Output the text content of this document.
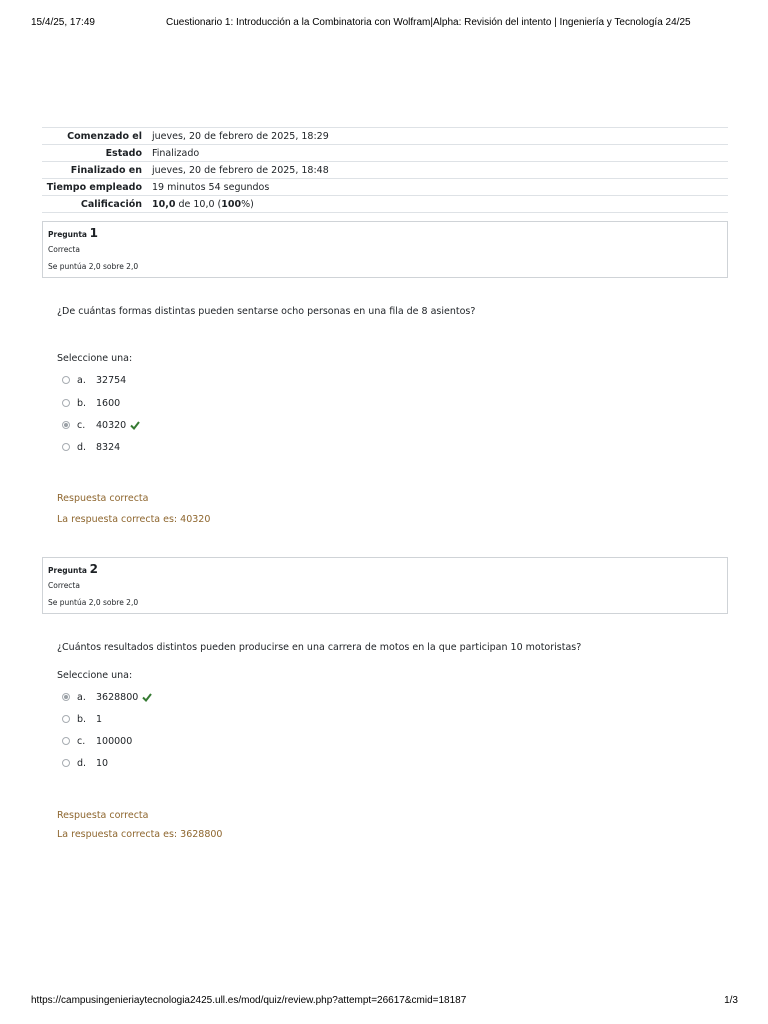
15/4/25, 17:49	Cuestionario 1: Introducción a la Combinatoria con Wolfram|Alpha: Revisión del intento | Ingeniería y Tecnología 24/25
Comenzado el	jueves, 20 de febrero de 2025, 18:29
Estado	Finalizado
Finalizado en	jueves, 20 de febrero de 2025, 18:48
Tiempo empleado	19 minutos 54 segundos
Calificación	10,0 de 10,0 (100%)
Pregunta 1
Correcta
Se puntúa 2,0 sobre 2,0
¿De cuántas formas distintas pueden sentarse ocho personas en una fila de 8 asientos?
Seleccione una:
a. 32754
b. 1600
c. 40320
d. 8324
Respuesta correcta
La respuesta correcta es: 40320
Pregunta 2
Correcta
Se puntúa 2,0 sobre 2,0
¿Cuántos resultados distintos pueden producirse en una carrera de motos en la que participan 10 motoristas?
Seleccione una:
a. 3628800
b. 1
c. 100000
d. 10
Respuesta correcta
La respuesta correcta es: 3628800
https://campusingenieriaytecnologia2425.ull.es/mod/quiz/review.php?attempt=26617&cmid=18187	1/3
